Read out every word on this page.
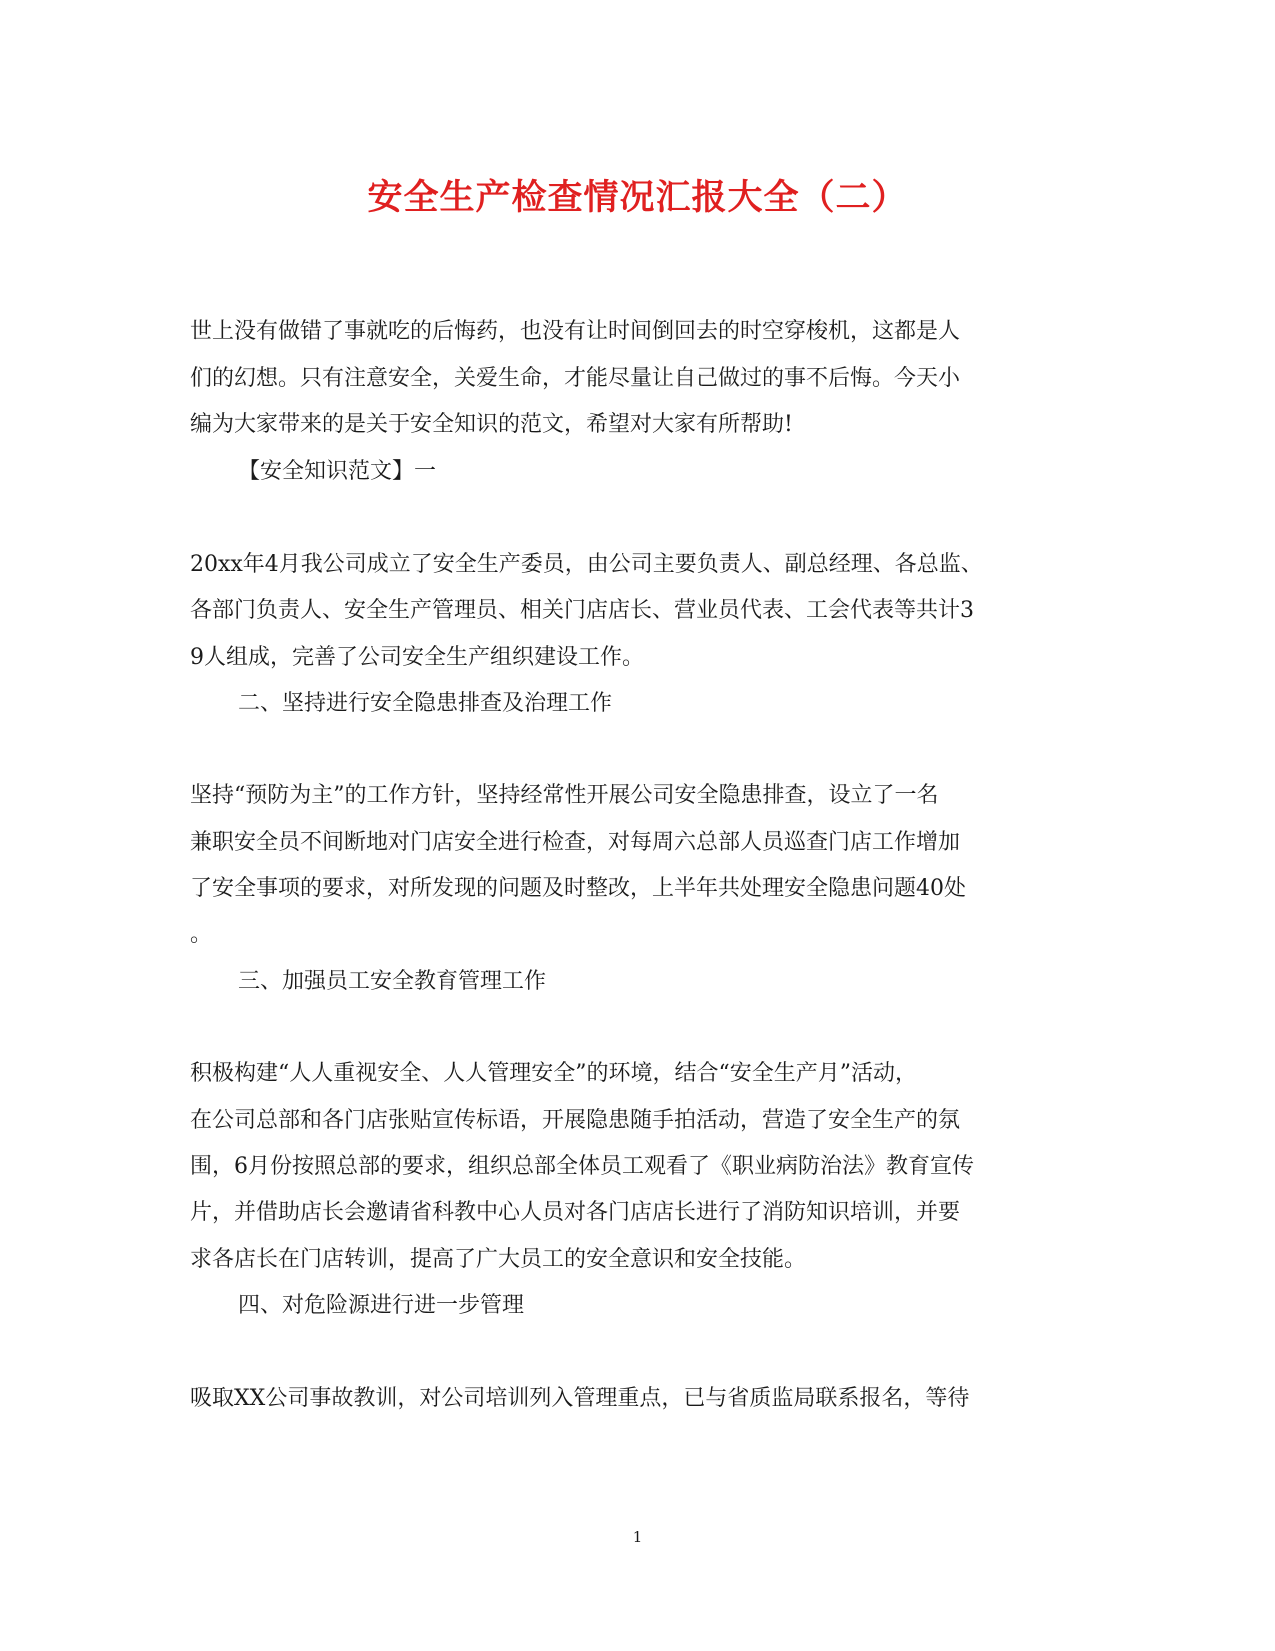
安全生产检查情况汇报大全（二）

世上没有做错了事就吃的后悔药，也没有让时间倒回去的时空穿梭机，这都是人

们的幻想。只有注意安全，关爱生命，才能尽量让自己做过的事不后悔。今天小

编为大家带来的是关于安全知识的范文，希望对大家有所帮助!

【安全知识范文】一

20xx年4月我公司成立了安全生产委员，由公司主要负责人、副总经理、各总监、

各部门负责人、安全生产管理员、相关门店店长、营业员代表、工会代表等共计3

9人组成，完善了公司安全生产组织建设工作。

二、坚持进行安全隐患排查及治理工作

坚持“预防为主”的工作方针，坚持经常性开展公司安全隐患排查，设立了一名

兼职安全员不间断地对门店安全进行检查，对每周六总部人员巡查门店工作增加

了安全事项的要求，对所发现的问题及时整改，上半年共处理安全隐患问题40处

。

三、加强员工安全教育管理工作

积极构建“人人重视安全、人人管理安全”的环境，结合“安全生产月”活动，

在公司总部和各门店张贴宣传标语，开展隐患随手拍活动，营造了安全生产的氛

围，6月份按照总部的要求，组织总部全体员工观看了《职业病防治法》教育宣传

片，并借助店长会邀请省科教中心人员对各门店店长进行了消防知识培训，并要

求各店长在门店转训，提高了广大员工的安全意识和安全技能。

四、对危险源进行进一步管理

吸取XX公司事故教训，对公司培训列入管理重点，已与省质监局联系报名，等待

1
